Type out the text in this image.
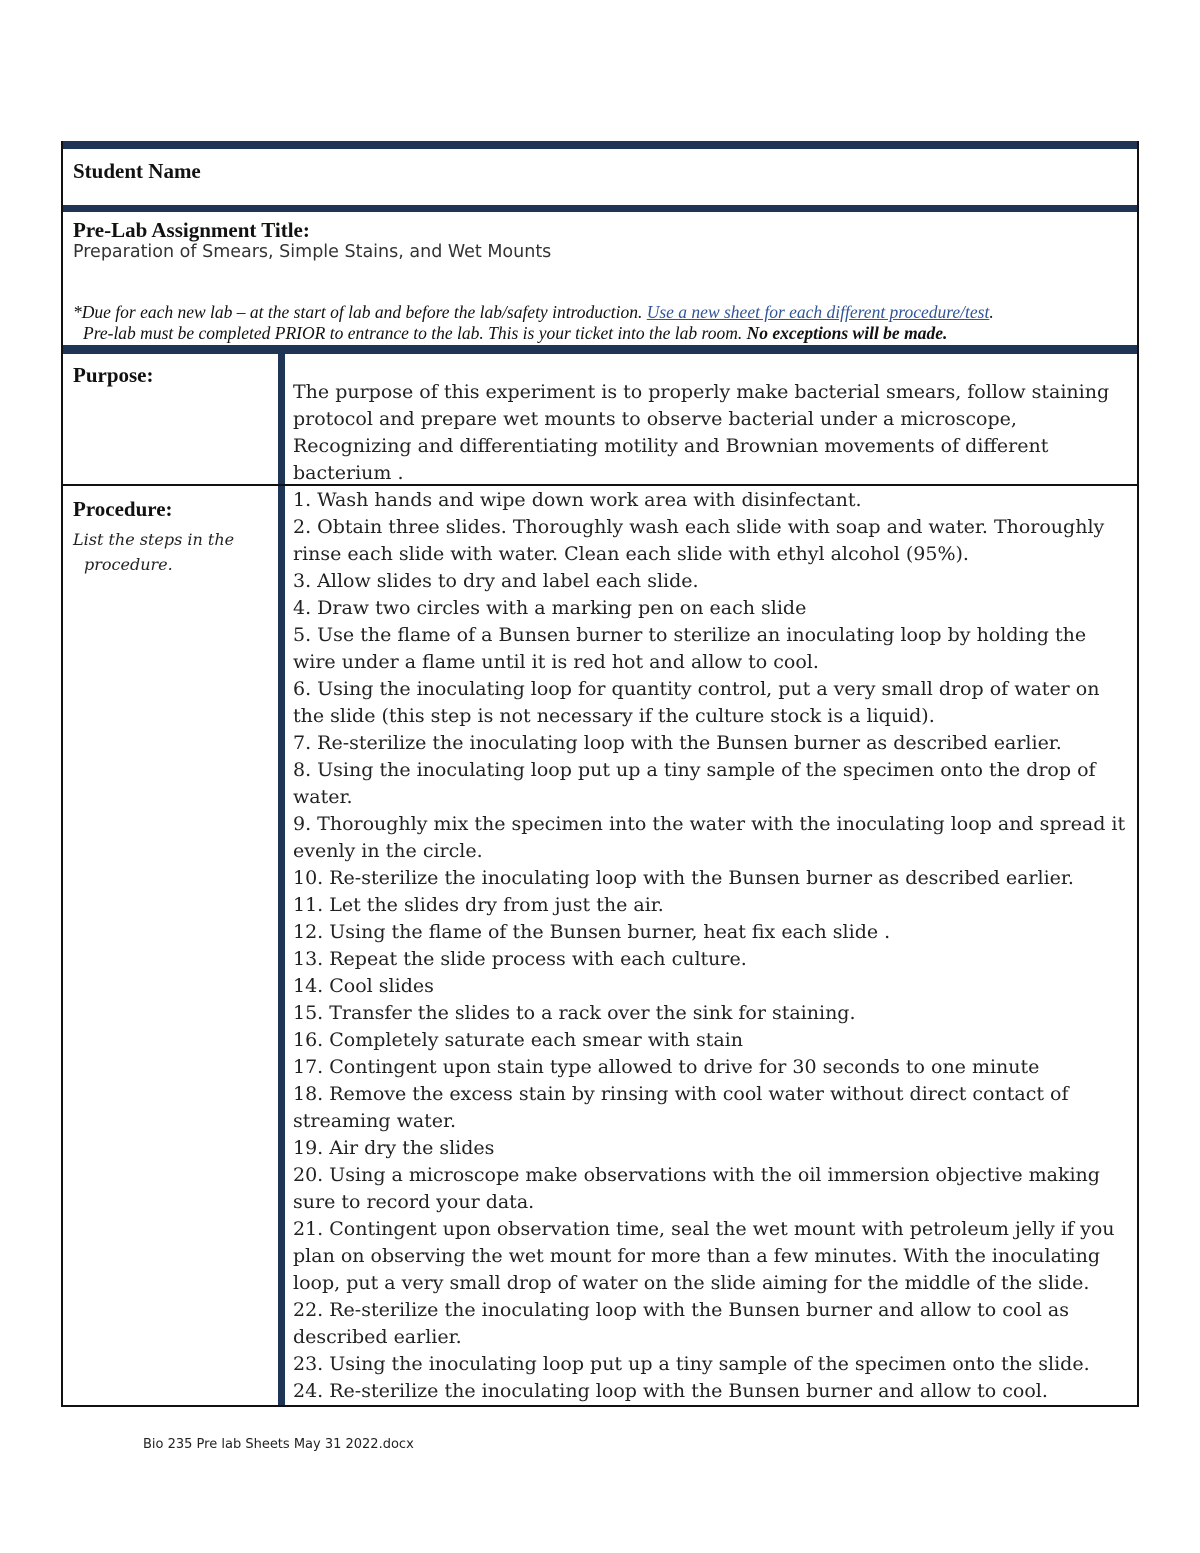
Student Name
Pre-Lab Assignment Title:
Preparation of Smears, Simple Stains, and Wet Mounts
*Due for each new lab – at the start of lab and before the lab/safety introduction. Use a new sheet for each different procedure/test.
Pre-lab must be completed PRIOR to entrance to the lab. This is your ticket into the lab room. No exceptions will be made.
Purpose:
The purpose of this experiment is to properly make bacterial smears, follow staining protocol and prepare wet mounts to observe bacterial under a microscope, Recognizing and differentiating motility and Brownian movements of different bacterium .
Procedure:
List the steps in the
procedure.
1. Wash hands and wipe down work area with disinfectant.
2. Obtain three slides. Thoroughly wash each slide with soap and water. Thoroughly rinse each slide with water. Clean each slide with ethyl alcohol (95%).
3. Allow slides to dry and label each slide.
4. Draw two circles with a marking pen on each slide
5. Use the flame of a Bunsen burner to sterilize an inoculating loop by holding the wire under a flame until it is red hot and allow to cool.
6. Using the inoculating loop for quantity control, put a very small drop of water on the slide (this step is not necessary if the culture stock is a liquid).
7. Re-sterilize the inoculating loop with the Bunsen burner as described earlier.
8. Using the inoculating loop put up a tiny sample of the specimen onto the drop of water.
9. Thoroughly mix the specimen into the water with the inoculating loop and spread it evenly in the circle.
10. Re-sterilize the inoculating loop with the Bunsen burner as described earlier.
11. Let the slides dry from just the air.
12. Using the flame of the Bunsen burner, heat fix each slide .
13. Repeat the slide process with each culture.
14. Cool slides
15. Transfer the slides to a rack over the sink for staining.
16. Completely saturate each smear with stain
17. Contingent upon stain type allowed to drive for 30 seconds to one minute
18. Remove the excess stain by rinsing with cool water without direct contact of streaming water.
19. Air dry the slides
20. Using a microscope make observations with the oil immersion objective making sure to record your data.
21. Contingent upon observation time, seal the wet mount with petroleum jelly if you plan on observing the wet mount for more than a few minutes. With the inoculating loop, put a very small drop of water on the slide aiming for the middle of the slide.
22. Re-sterilize the inoculating loop with the Bunsen burner and allow to cool as described earlier.
23. Using the inoculating loop put up a tiny sample of the specimen onto the slide.
24. Re-sterilize the inoculating loop with the Bunsen burner and allow to cool.
Bio 235 Pre lab Sheets May 31 2022.docx
